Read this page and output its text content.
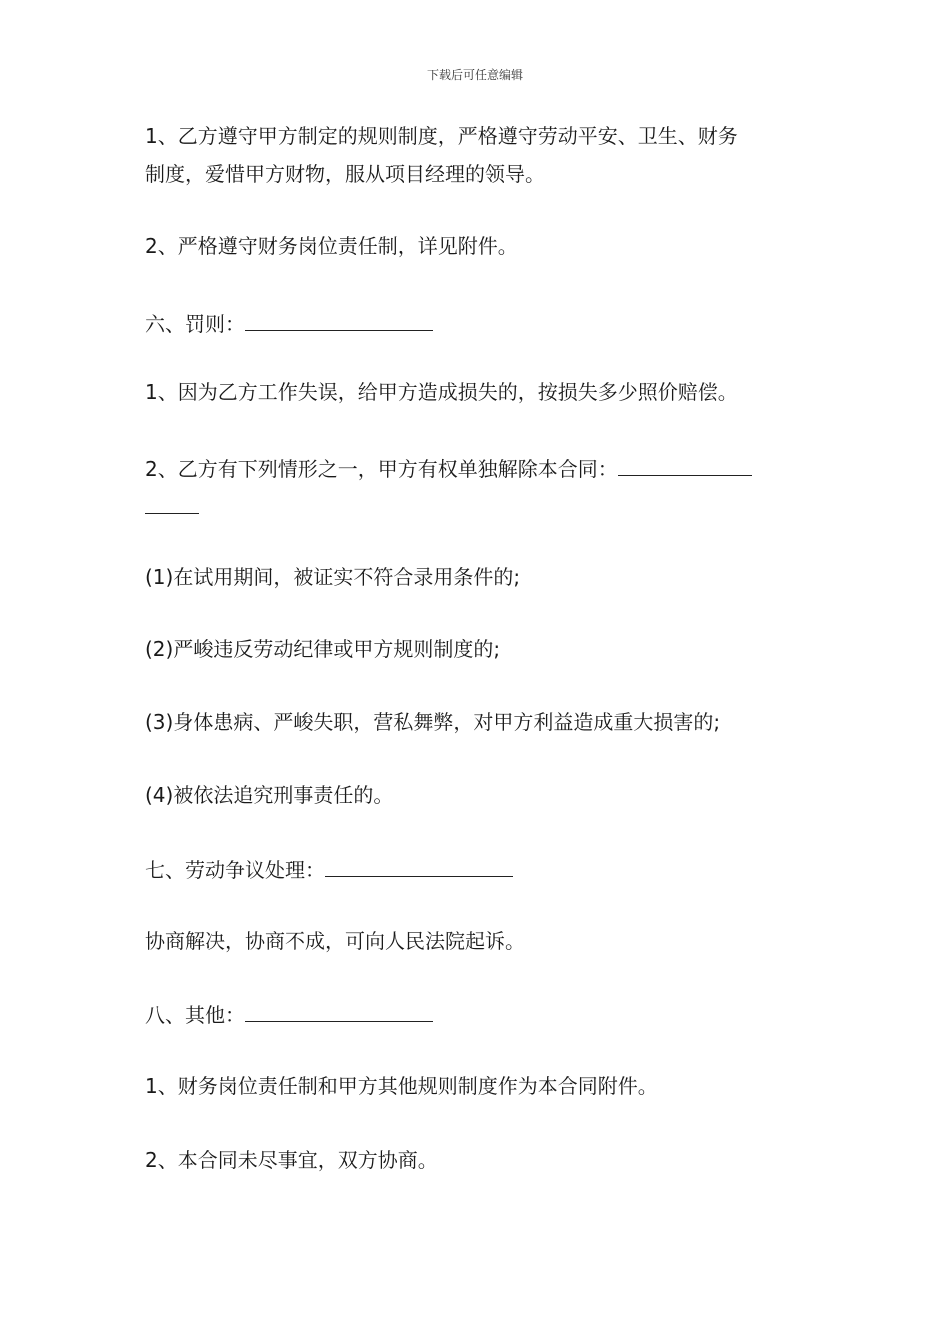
下载后可任意编辑
1、乙方遵守甲方制定的规则制度，严格遵守劳动平安、卫生、财务
制度，爱惜甲方财物，服从项目经理的领导。
2、严格遵守财务岗位责任制，详见附件。
六、罚则：
1、因为乙方工作失误，给甲方造成损失的，按损失多少照价赔偿。
2、乙方有下列情形之一，甲方有权单独解除本合同：
(1)在试用期间，被证实不符合录用条件的;
(2)严峻违反劳动纪律或甲方规则制度的;
(3)身体患病、严峻失职，营私舞弊，对甲方利益造成重大损害的;
(4)被依法追究刑事责任的。
七、劳动争议处理：
协商解决，协商不成，可向人民法院起诉。
八、其他：
1、财务岗位责任制和甲方其他规则制度作为本合同附件。
2、本合同未尽事宜，双方协商。
